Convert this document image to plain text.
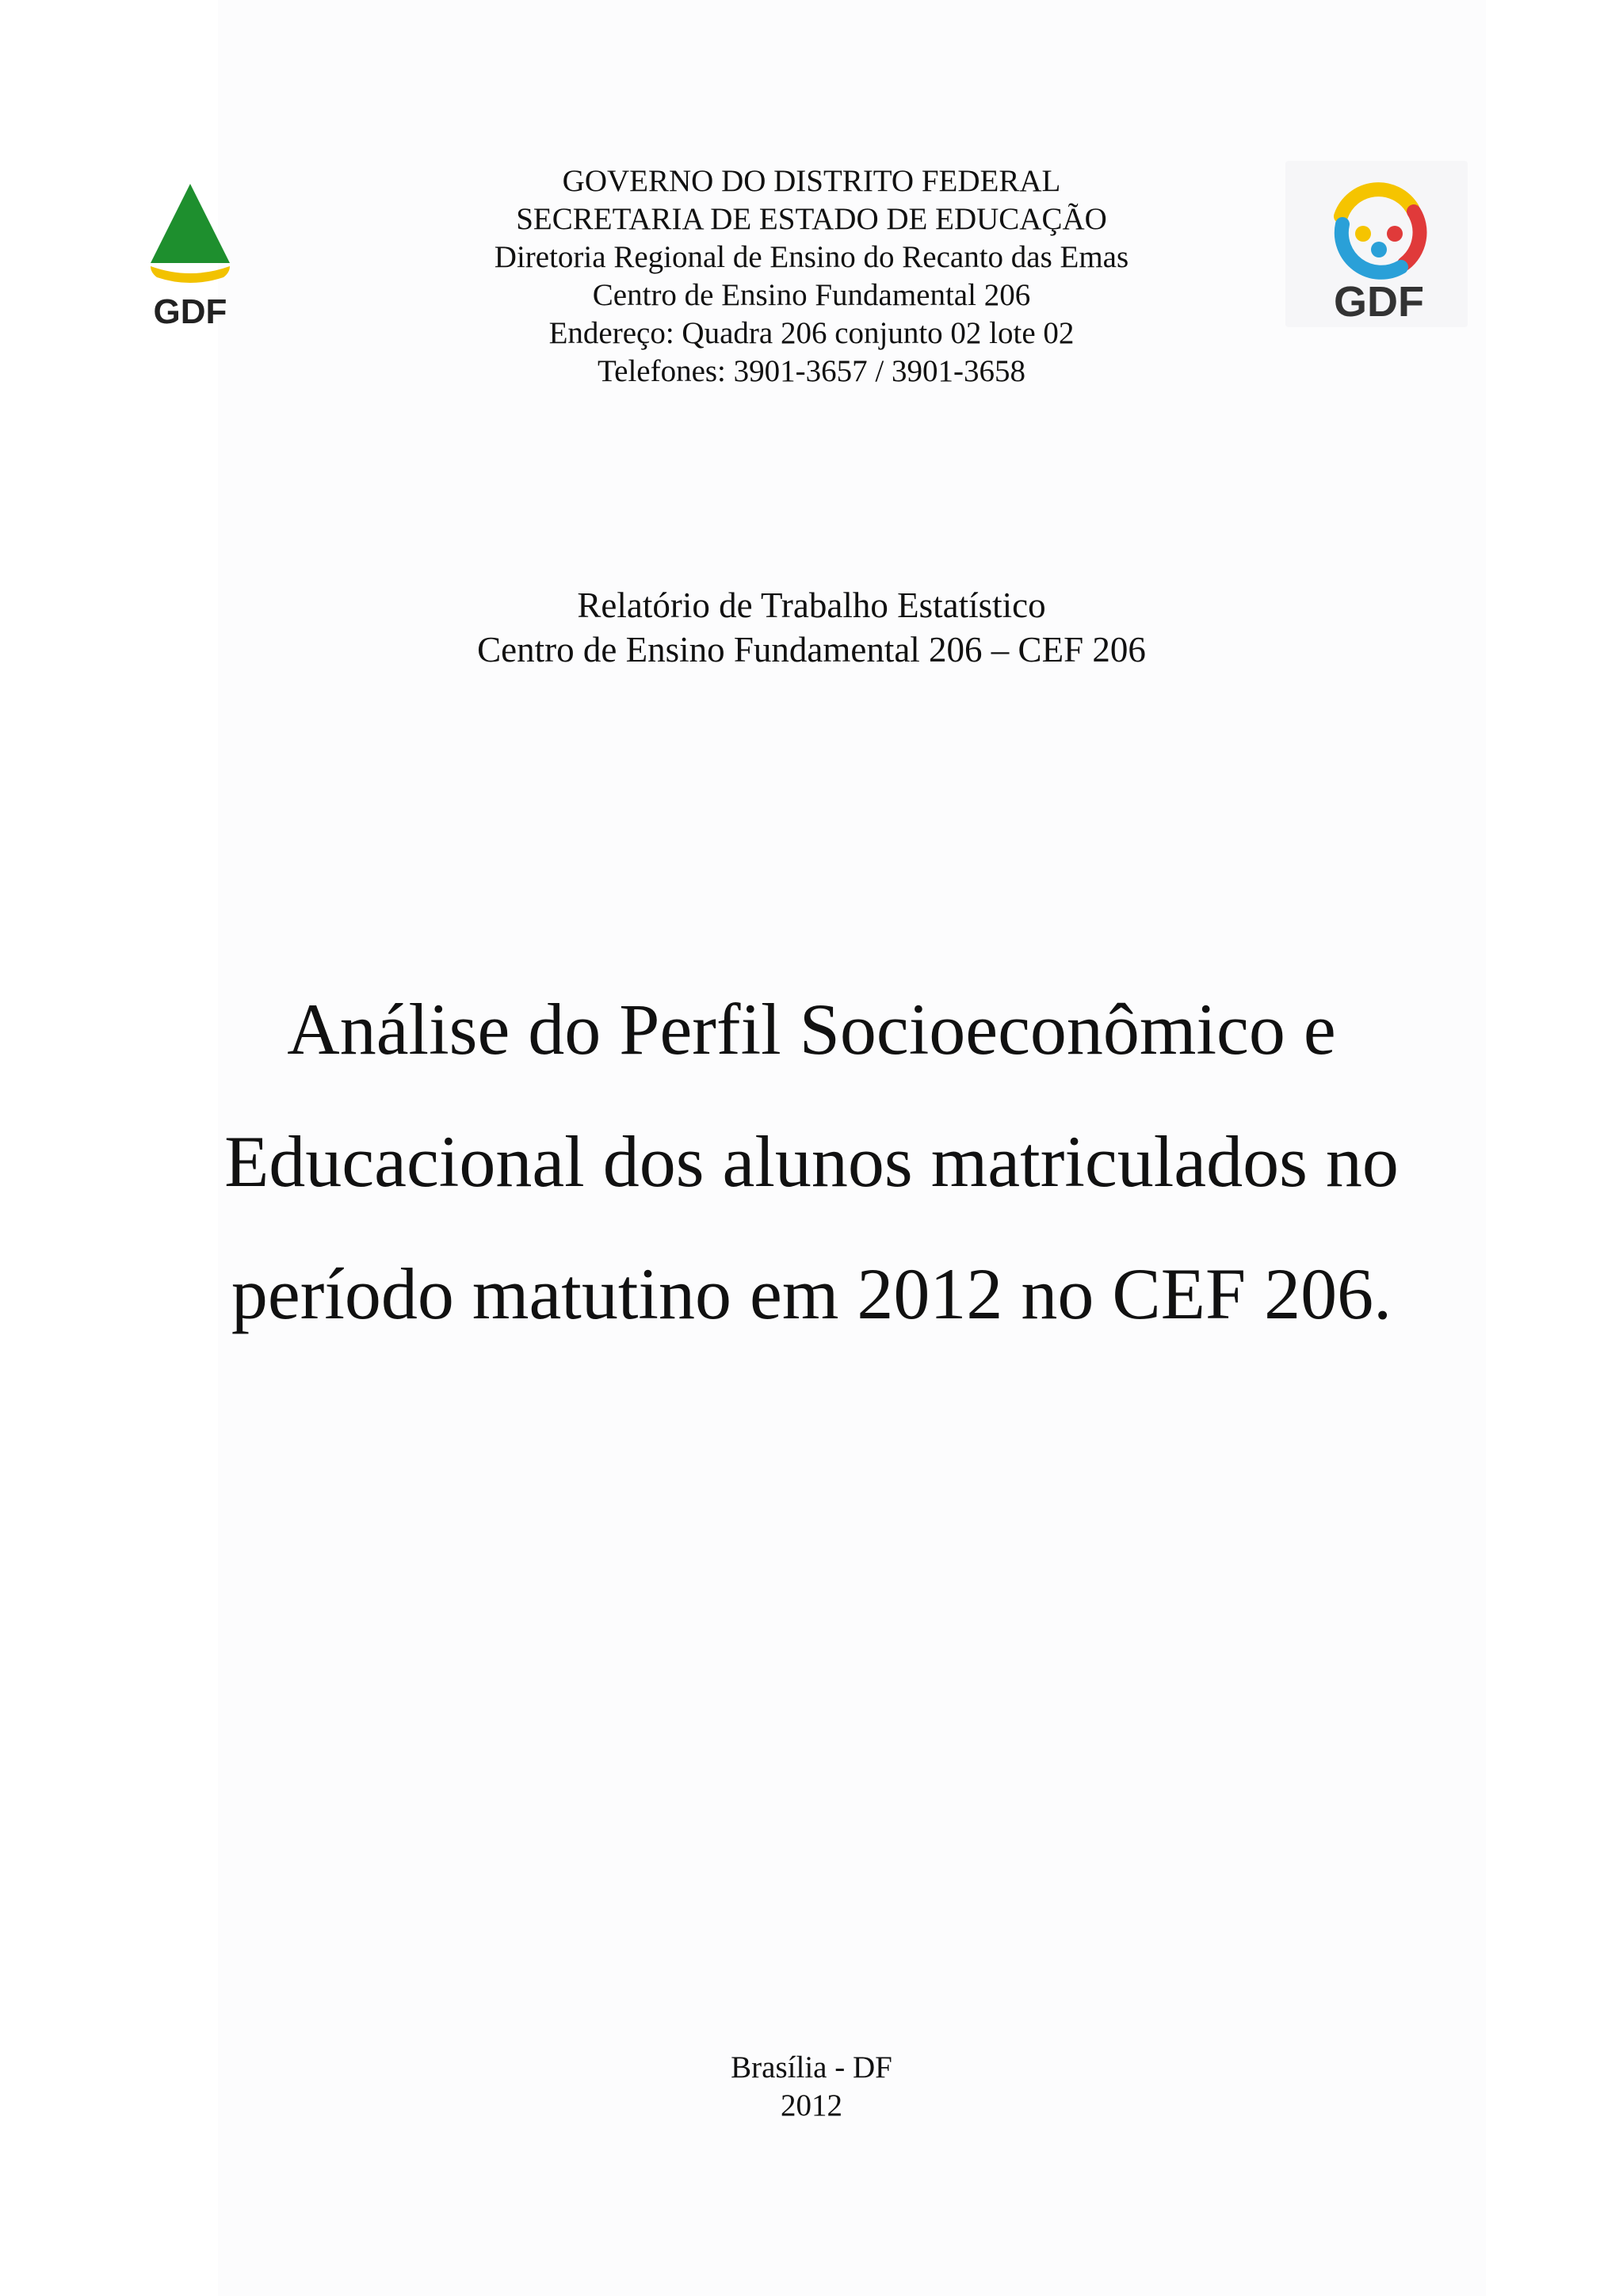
GDF	GDF
GOVERNO DO DISTRITO FEDERAL
SECRETARIA DE ESTADO DE EDUCAÇÃO
Diretoria Regional de Ensino do Recanto das Emas
Centro de Ensino Fundamental 206
Endereço: Quadra 206 conjunto 02 lote 02
Telefones: 3901-3657 / 3901-3658
Relatório de Trabalho Estatístico
Centro de Ensino Fundamental 206 – CEF 206
Análise do Perfil Socioeconômico e
Educacional dos alunos matriculados no
período matutino em 2012 no CEF 206.
Brasília - DF
2012
